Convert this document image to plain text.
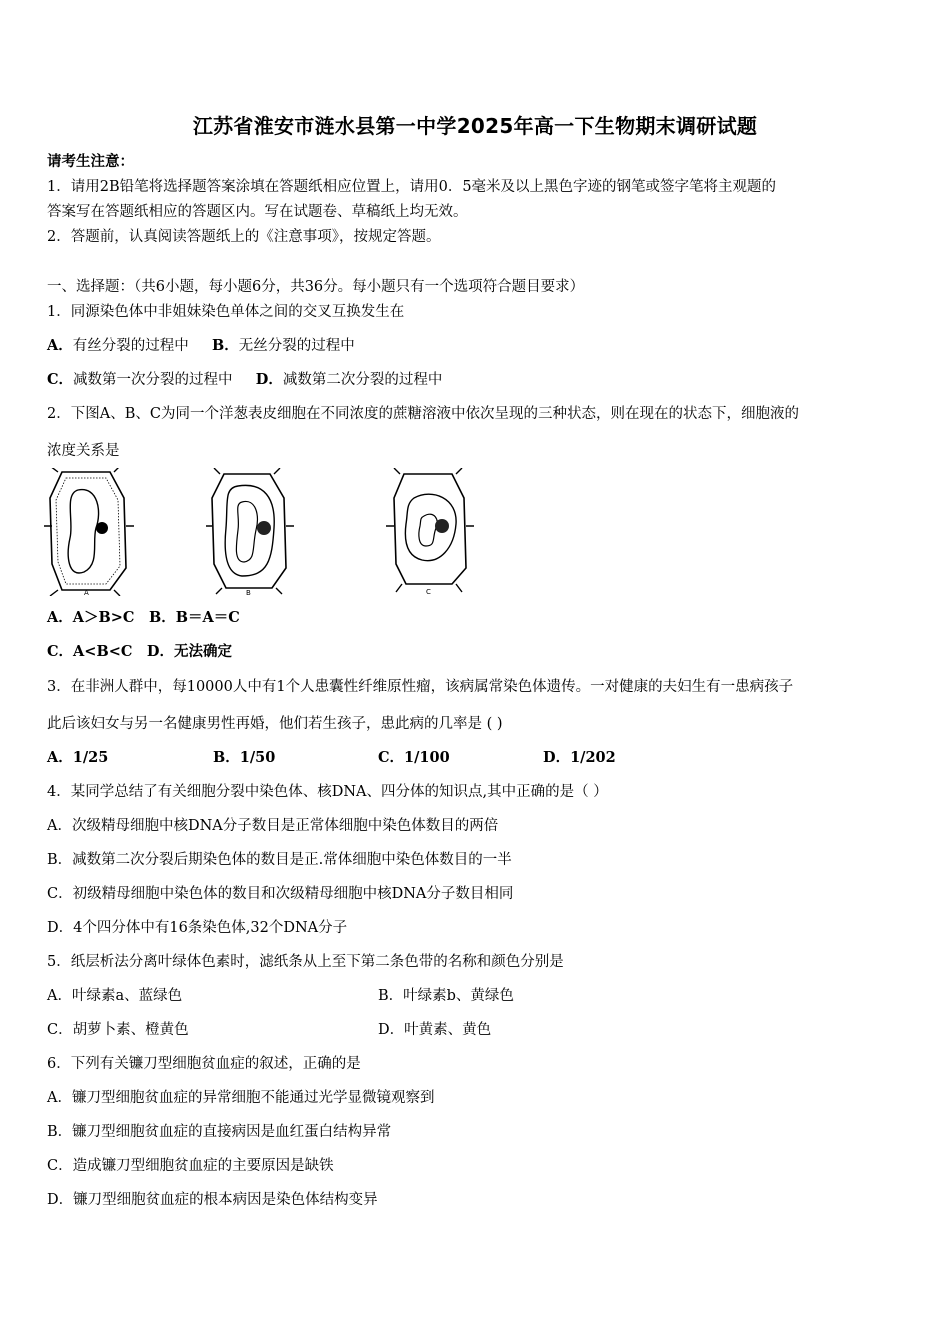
江苏省淮安市涟水县第一中学2025年高一下生物期末调研试题
请考生注意：
1．请用2B铅笔将选择题答案涂填在答题纸相应位置上，请用0．5毫米及以上黑色字迹的钢笔或签字笔将主观题的
答案写在答题纸相应的答题区内。写在试题卷、草稿纸上均无效。
2．答题前，认真阅读答题纸上的《注意事项》，按规定答题。
一、选择题：（共6小题，每小题6分，共36分。每小题只有一个选项符合题目要求）
1．同源染色体中非姐妹染色单体之间的交叉互换发生在
A．有丝分裂的过程中 B．无丝分裂的过程中
C．减数第一次分裂的过程中 D．减数第二次分裂的过程中
2．下图A、B、C为同一个洋葱表皮细胞在不同浓度的蔗糖溶液中依次呈现的三种状态，则在现在的状态下，细胞液的
浓度关系是
A	B	C
A．A＞B>C　B．B＝A＝C
C．A<B<C　D．无法确定
3．在非洲人群中，每10000人中有1个人患囊性纤维原性瘤，该病属常染色体遗传。一对健康的夫妇生有一患病孩子
此后该妇女与另一名健康男性再婚，他们若生孩子，患此病的几率是 ( )
A．1/25	B．1/50	C．1/100	D．1/202
4．某同学总结了有关细胞分裂中染色体、核DNA、四分体的知识点,其中正确的是（ ）
A．次级精母细胞中核DNA分子数目是正常体细胞中染色体数目的两倍
B．减数第二次分裂后期染色体的数目是正.常体细胞中染色体数目的一半
C．初级精母细胞中染色体的数目和次级精母细胞中核DNA分子数目相同
D．4个四分体中有16条染色体,32个DNA分子
5．纸层析法分离叶绿体色素时，滤纸条从上至下第二条色带的名称和颜色分别是
A．叶绿素a、蓝绿色	B．叶绿素b、黄绿色
C．胡萝卜素、橙黄色	D．叶黄素、黄色
6．下列有关镰刀型细胞贫血症的叙述，正确的是
A．镰刀型细胞贫血症的异常细胞不能通过光学显微镜观察到
B．镰刀型细胞贫血症的直接病因是血红蛋白结构异常
C．造成镰刀型细胞贫血症的主要原因是缺铁
D．镰刀型细胞贫血症的根本病因是染色体结构变异
